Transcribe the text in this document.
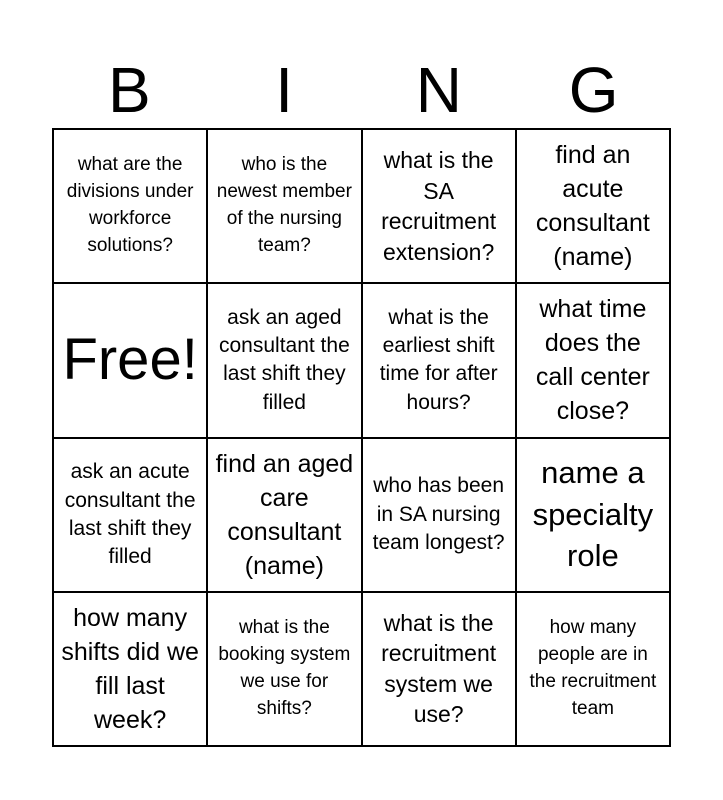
B	I	N	G
what are the divisions under workforce solutions?
who is the newest member of the nursing team?
what is the SA recruitment extension?
find an acute consultant (name)
Free!
ask an aged consultant the last shift they filled
what is the earliest shift time for after hours?
what time does the call center close?
ask an acute consultant the last shift they filled
find an aged care consultant (name)
who has been in SA nursing team longest?
name a specialty role
how many shifts did we fill last week?
what is the booking system we use for shifts?
what is the recruitment system we use?
how many people are in the recruitment team
